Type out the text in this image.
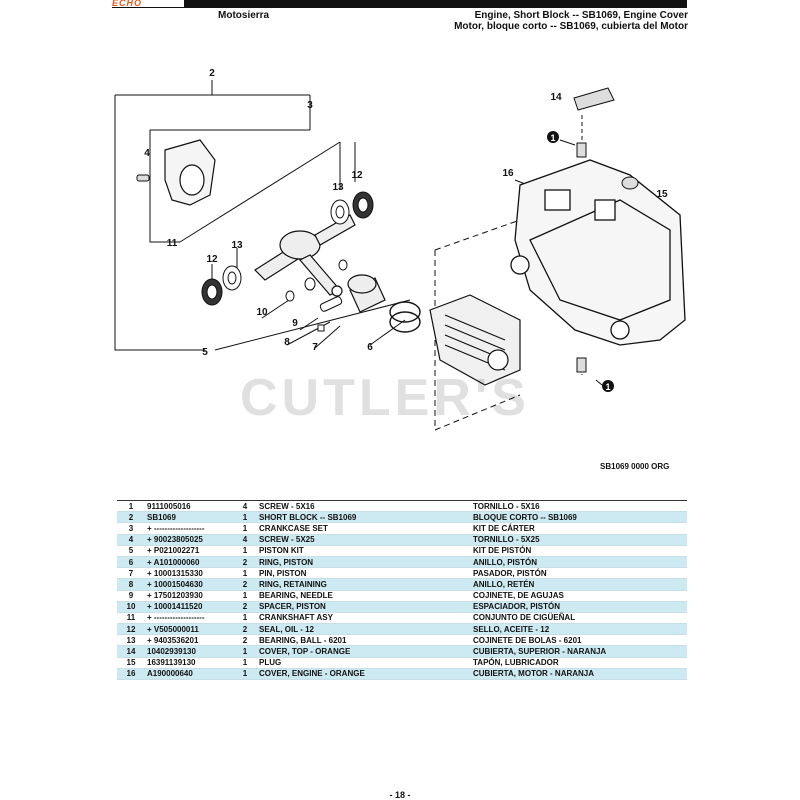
ECHO
Motosierra	Engine, Short Block -- SB1069, Engine Cover
Motor, bloque corto -- SB1069, cubierta del Motor
2
3
4
11
13
12
13
12
10
9
8 7	6
5
14
16
15
1
1
CUTLER'S
SB1069 0000 ORG
1	9111005016	4	SCREW - 5X16	TORNILLO - 5X16
2	SB1069	1	SHORT BLOCK -- SB1069	BLOQUE CORTO -- SB1069
3	+ -------------------	1	CRANKCASE SET	KIT DE CÁRTER
4	+ 90023805025	4	SCREW - 5X25	TORNILLO - 5X25
5	+ P021002271	1	PISTON KIT	KIT DE PISTÓN
6	+ A101000060	2	RING, PISTON	ANILLO, PISTÓN
7	+ 10001315330	1	PIN, PISTON	PASADOR, PISTÓN
8	+ 10001504630	2	RING, RETAINING	ANILLO, RETÉN
9	+ 17501203930	1	BEARING, NEEDLE	COJINETE, DE AGUJAS
10	+ 10001411520	2	SPACER, PISTON	ESPACIADOR, PISTÓN
11	+ -------------------	1	CRANKSHAFT ASY	CONJUNTO DE CIGÜEÑAL
12	+ V505000011	2	SEAL, OIL - 12	SELLO, ACEITE - 12
13	+ 9403536201	2	BEARING, BALL - 6201	COJINETE DE BOLAS - 6201
14	10402939130	1	COVER, TOP - ORANGE	CUBIERTA, SUPERIOR - NARANJA
15	16391139130	1	PLUG	TAPÓN, LUBRICADOR
16	A190000640	1	COVER, ENGINE - ORANGE	CUBIERTA, MOTOR - NARANJA
- 18 -
